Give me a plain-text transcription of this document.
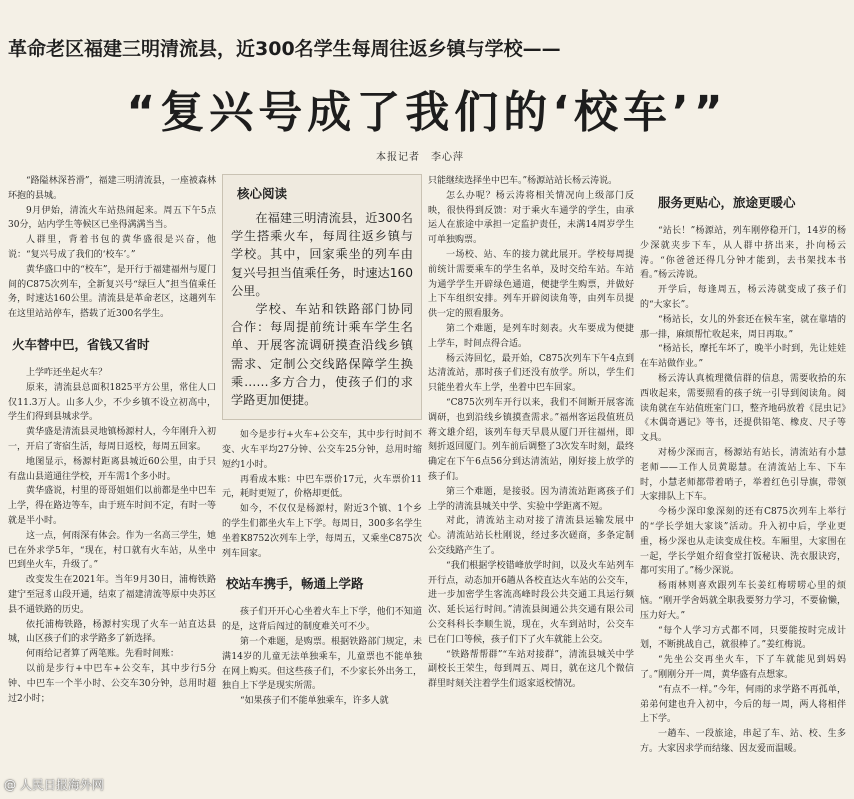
革命老区福建三明清流县，近300名学生每周往返乡镇与学校——
“复兴号成了我们的‘校车’”
本报记者　李心萍

“路隘林深苔滑”，福建三明清流县，一座被森林环抱的县城。

9月伊始，清流火车站热闹起来。周五下午5点30分，站内学生等候区已坐得满满当当。

人群里，背着书包的黄华盛很是兴奋，他说：“复兴号成了我们的‘校车’。”

黄华盛口中的“校车”，是开行于福建福州与厦门间的C875次列车，全新复兴号“绿巨人”担当值乘任务，时速达160公里。清流县是革命老区，这趟列车在这里站站停车，搭载了近300名学生。

火车替中巴，省钱又省时

上学咋还坐起火车？

原来，清流县总面积1825平方公里，常住人口仅11.3万人。山多人少，不少乡镇不设立初高中，学生们得到县城求学。

黄华盛是清流县灵地镇杨源村人，今年刚升入初一，开启了寄宿生活，每周日返校，每周五回家。

地图显示，杨源村距离县城近60公里，由于只有盘山县道通往学校，开车需1个多小时。

黄华盛说，村里的哥哥姐姐们以前都是坐中巴车上学，得在路边等车，由于班车时间不定，有时一等就是半小时。

这一点，何雨深有体会。作为一名高三学生，她已在外求学5年，“现在，村口就有火车站，从坐中巴到坐火车，升级了。”

改变发生在2021年。当年9月30日，浦梅铁路建宁至冠豸山段开通，结束了福建清流等原中央苏区县不通铁路的历史。

依托浦梅铁路，杨源村实现了火车一站直达县城，山区孩子们的求学路多了新选择。

何雨给记者算了两笔账。先看时间账：

以前是步行+中巴车+公交车，其中步行5分钟、中巴车一个半小时、公交车30分钟，总用时超过2小时；

核心阅读

在福建三明清流县，近300名学生搭乘火车，每周往返乡镇与学校。其中，回家乘坐的列车由复兴号担当值乘任务，时速达160公里。

学校、车站和铁路部门协同合作：每周提前统计乘车学生名单、开展客流调研摸查沿线乡镇需求、定制公交线路保障学生换乘……多方合力，使孩子们的求学路更加便捷。

如今是步行+火车+公交车，其中步行时间不变、火车平均27分钟、公交车25分钟，总用时缩短约1小时。

再看成本账：中巴车票价17元，火车票价11元，耗时更短了，价格却更低。

如今，不仅仅是杨源村，附近3个镇、1个乡的学生们都坐火车上下学。每周日，300多名学生坐着K8752次列车上学，每周五，又乘坐C875次列车回家。

校站车携手，畅通上学路

孩子们开开心心坐着火车上下学，他们不知道的是，这背后闯过的制度难关可不少。

第一个难题，是购票。根据铁路部门规定，未满14岁的儿童无法单独乘车，儿童票也不能单独在网上购买。但这些孩子们，不少家长外出务工，独自上下学是现实所需。

“如果孩子们不能单独乘车，许多人就

只能继续选择坐中巴车。”杨源站站长杨云涛说。

怎么办呢？杨云涛将相关情况向上级部门反映，很快得到反馈：对于乘火车通学的学生，由承运人在旅途中承担一定监护责任，未满14周岁学生可单独购票。

一场校、站、车的接力就此展开。学校每周提前统计需要乘车的学生名单，及时交给车站。车站为通学学生开辟绿色通道，便捷学生购票，并做好上下车组织安排。列车开辟阅读角等，由列车员提供一定的照看服务。

第二个难题，是列车时刻表。火车要成为便捷上学车，时间点得合适。

杨云涛回忆，最开始，C875次列车下午4点到达清流站，那时孩子们还没有放学。所以，学生们只能坐着火车上学，坐着中巴车回家。

“C875次列车开行以来，我们不间断开展客流调研，也到沿线乡镇摸查需求。”福州客运段值班员蒋文雄介绍，该列车每天早晨从厦门开往福州，即刻折返回厦门。列车前后调整了3次发车时刻，最终确定在下午6点56分到达清流站，刚好接上放学的孩子们。

第三个难题，是接驳。因为清流站距离孩子们上学的清流县城关中学、实验中学距离不短。

对此，清流站主动对接了清流县运输发展中心。清流站站长杜刚说，经过多次磋商，多条定制公交线路产生了。

“我们根据学校错峰放学时间，以及火车站列车开行点，动态加开6趟从各校直达火车站的公交车，进一步加密学生客流高峰时段公共交通工具运行频次、延长运行时间。”清流县闽通公共交通有限公司公交科科长李顺生说，现在，火车到站时，公交车已在门口等候，孩子们下了火车就能上公交。

“铁路帮帮群”“车站对接群”，清流县城关中学副校长王荣生，每到周五、周日，就在这几个微信群里时刻关注着学生们返家返校情况。

服务更贴心，旅途更暖心

“站长！”杨源站，列车刚停稳开门，14岁的杨少深就夹步下车，从人群中挤出来，扑向杨云涛。“你爸爸还得几分钟才能到，去书架找本书看。”杨云涛说。

开学后，每逢周五，杨云涛就变成了孩子们的“大家长”。

“杨站长，女儿的外套还在候车室，就在靠墙的那一排，麻烦帮忙收起来，周日再取。”

“杨站长，摩托车坏了，晚半小时到，先让娃娃在车站做作业。”

杨云涛认真梳理微信群的信息，需要收拾的东西收起来，需要照看的孩子统一引导到阅读角。阅读角就在车站值班室门口，整齐地码放着《昆虫记》《木偶奇遇记》等书，还提供铅笔、橡皮、尺子等文具。

对杨少深而言，杨源站有站长，清流站有小慧老师——工作人员黄聪慧。在清流站上车、下车时，小慧老师都带着哨子，举着红色引导旗，带领大家排队上下车。

今杨少深印象深刻的还有C875次列车上举行的“学长学姐大家谈”活动。升入初中后，学业更重，杨少深也从走读变成住校。车厢里，大家围在一起，学长学姐介绍食堂打饭秘诀、洗衣服诀窍，都可实用了。”杨少深说。

杨雨林则喜欢跟列车长姜红梅唠唠心里的烦恼。“刚开学舍妈就全职我要努力学习，不要偷懒，压力好大。”

“每个人学习方式都不同，只要能按时完成计划，不断挑战自己，就很棒了。”姜红梅说。

“先坐公交再坐火车，下了车就能见到妈妈了。”刚刚分开一周，黄华盛有点想家。

“有点不一样。”今年，何雨的求学路不再孤单，弟弟何建也升入初中，今后的每一周，两人将相伴上下学。

一趟车、一段旅途，串起了车、站、校、生多方。大家因求学而结缘、因友爱而温暖。

@ 人民日报海外网
